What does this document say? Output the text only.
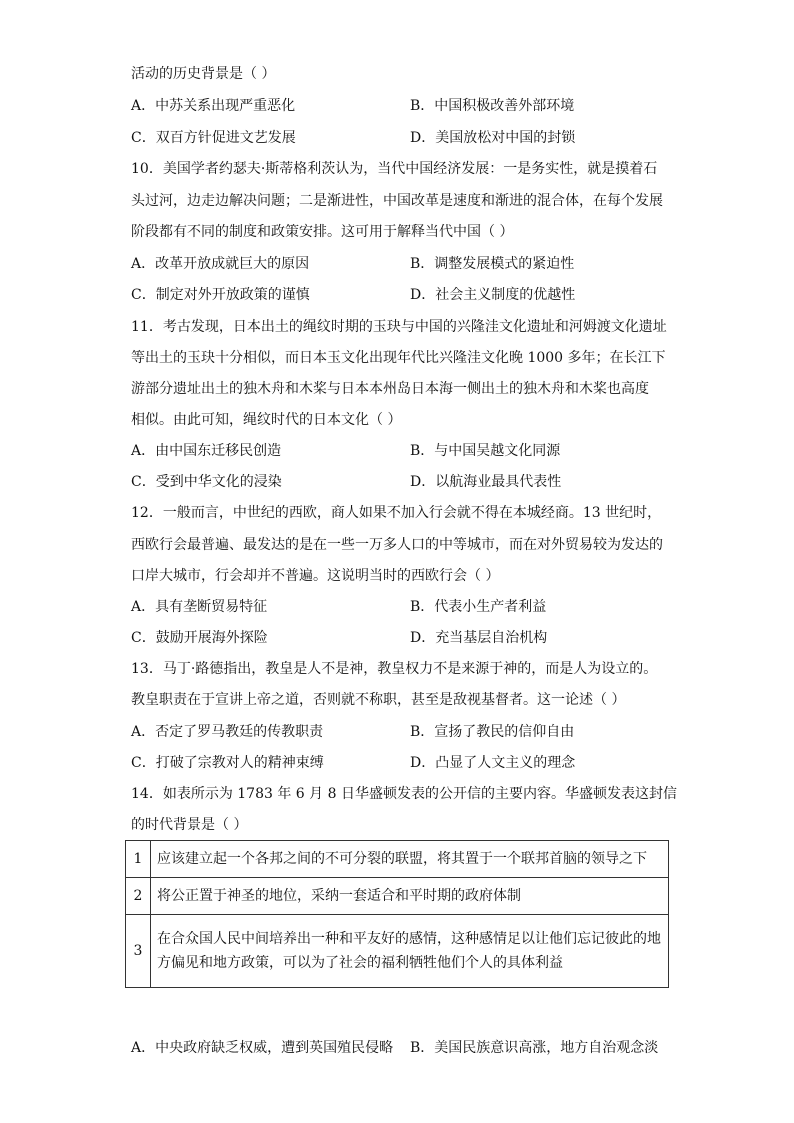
活动的历史背景是（ ）
A．中苏关系出现严重恶化	B．中国积极改善外部环境
C．双百方针促进文艺发展	D．美国放松对中国的封锁
10．美国学者约瑟夫·斯蒂格利茨认为，当代中国经济发展：一是务实性，就是摸着石
头过河，边走边解决问题；二是渐进性，中国改革是速度和渐进的混合体，在每个发展
阶段都有不同的制度和政策安排。这可用于解释当代中国（ ）
A．改革开放成就巨大的原因	B．调整发展模式的紧迫性
C．制定对外开放政策的谨慎	D．社会主义制度的优越性
11．考古发现，日本出土的绳纹时期的玉玦与中国的兴隆洼文化遗址和河姆渡文化遗址
等出土的玉玦十分相似，而日本玉文化出现年代比兴隆洼文化晚 1000 多年；在长江下
游部分遗址出土的独木舟和木桨与日本本州岛日本海一侧出土的独木舟和木桨也高度
相似。由此可知，绳纹时代的日本文化（ ）
A．由中国东迁移民创造	B．与中国吴越文化同源
C．受到中华文化的浸染	D．以航海业最具代表性
12．一般而言，中世纪的西欧，商人如果不加入行会就不得在本城经商。13 世纪时，
西欧行会最普遍、最发达的是在一些一万多人口的中等城市，而在对外贸易较为发达的
口岸大城市，行会却并不普遍。这说明当时的西欧行会（ ）
A．具有垄断贸易特征	B．代表小生产者利益
C．鼓励开展海外探险	D．充当基层自治机构
13．马丁·路德指出，教皇是人不是神，教皇权力不是来源于神的，而是人为设立的。
教皇职责在于宣讲上帝之道，否则就不称职，甚至是敌视基督者。这一论述（ ）
A．否定了罗马教廷的传教职责	B．宣扬了教民的信仰自由
C．打破了宗教对人的精神束缚	D．凸显了人文主义的理念
14．如表所示为 1783 年 6 月 8 日华盛顿发表的公开信的主要内容。华盛顿发表这封信
的时代背景是（ ）
1	应该建立起一个各邦之间的不可分裂的联盟，将其置于一个联邦首脑的领导之下
2	将公正置于神圣的地位，采纳一套适合和平时期的政府体制
3	在合众国人民中间培养出一种和平友好的感情，这种感情足以让他们忘记彼此的地方偏见和地方政策，可以为了社会的福利牺牲他们个人的具体利益
A．中央政府缺乏权威，遭到英国殖民侵略 B．美国民族意识高涨，地方自治观念淡
